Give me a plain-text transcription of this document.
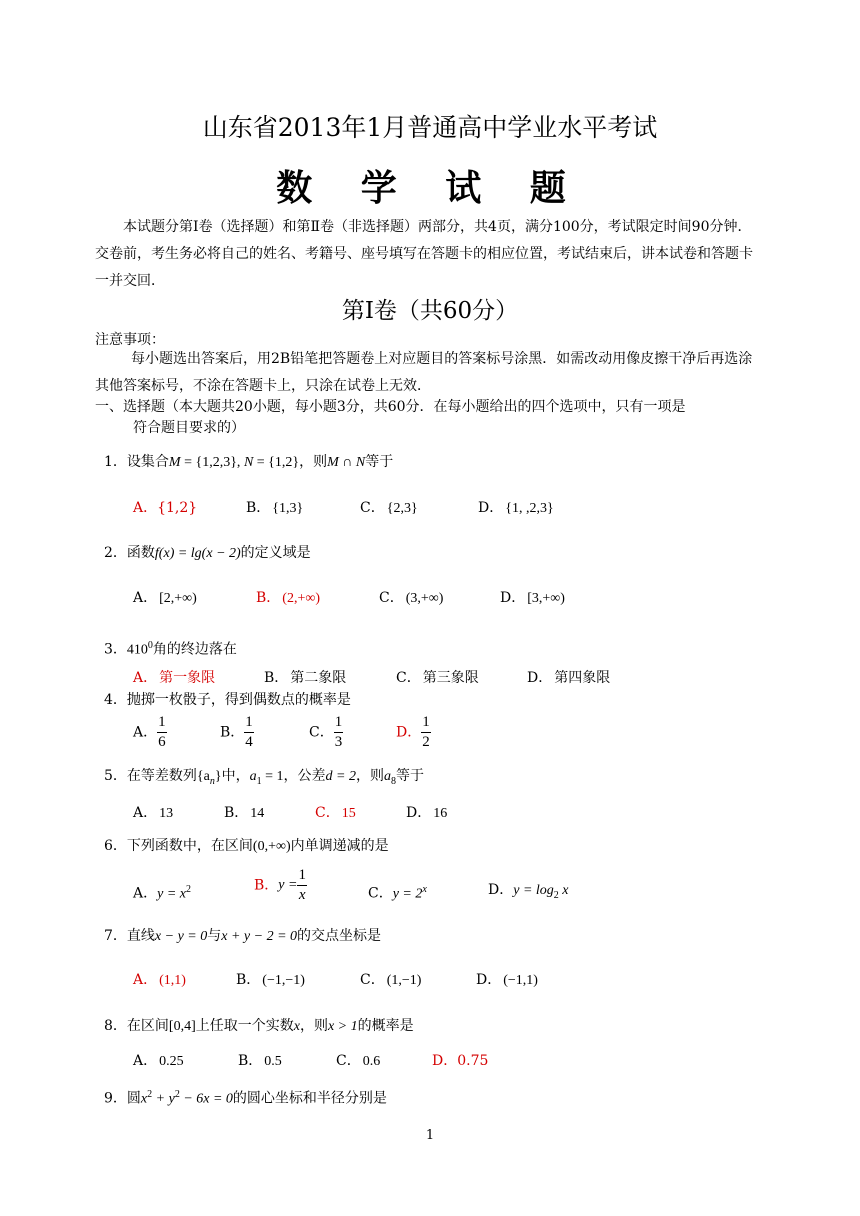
山东省2013年1月普通高中学业水平考试
数 学 试 题
本试题分第Ⅰ卷（选择题）和第Ⅱ卷（非选择题）两部分，共4页，满分100分，考试限定时间90分钟．交卷前，考生务必将自己的姓名、考籍号、座号填写在答题卡的相应位置，考试结束后，讲本试卷和答题卡一并交回．
第Ⅰ卷（共60分）
注意事项：
每小题选出答案后，用2B铅笔把答题卷上对应题目的答案标号涂黑．如需改动用像皮擦干净后再选涂其他答案标号，不涂在答题卡上，只涂在试卷上无效．
一、选择题（本大题共20小题，每小题3分，共60分．在每小题给出的四个选项中，只有一项是
符合题目要求的）
1．设集合M = {1,2,3}, N = {1,2}，则M ∩ N等于
A．{1,2}	B． {1,3}	C． {2,3}	D． {1, ,2,3}
2．函数f(x) = lg(x − 2)的定义域是
A． [2,+∞)	B． (2,+∞)	C． (3,+∞)	D． [3,+∞)
3．$410^0$角的终边落在
A． 第一象限	B． 第二象限	C． 第三象限	D． 第四象限
4．抛掷一枚骰子，得到偶数点的概率是
A． $\frac{1}{6}$	B． $\frac{1}{4}$	C． $\frac{1}{3}$	D． $\frac{1}{2}$
5．在等差数列$\{a_n\}$中，$a_1 = 1$，公差d = 2，则$a_8$等于
A． 13	B． 14	C． 15	D． 16
6．下列函数中，在区间(0,+∞)内单调递减的是
A．$y = x^2$	B．$y = \frac{1}{x}$	C．$y = 2^x$	D．$y = \log_2 x$
7．直线x − y = 0与x + y − 2 = 0的交点坐标是
A． (1,1)	B． (−1,−1)	C． (1,−1)	D． (−1,1)
8．在区间[0,4]上任取一个实数x，则x > 1的概率是
A． 0.25	B． 0.5	C． 0.6	D．0.75
9．圆$x^2 + y^2 - 6x = 0$的圆心坐标和半径分别是
1
